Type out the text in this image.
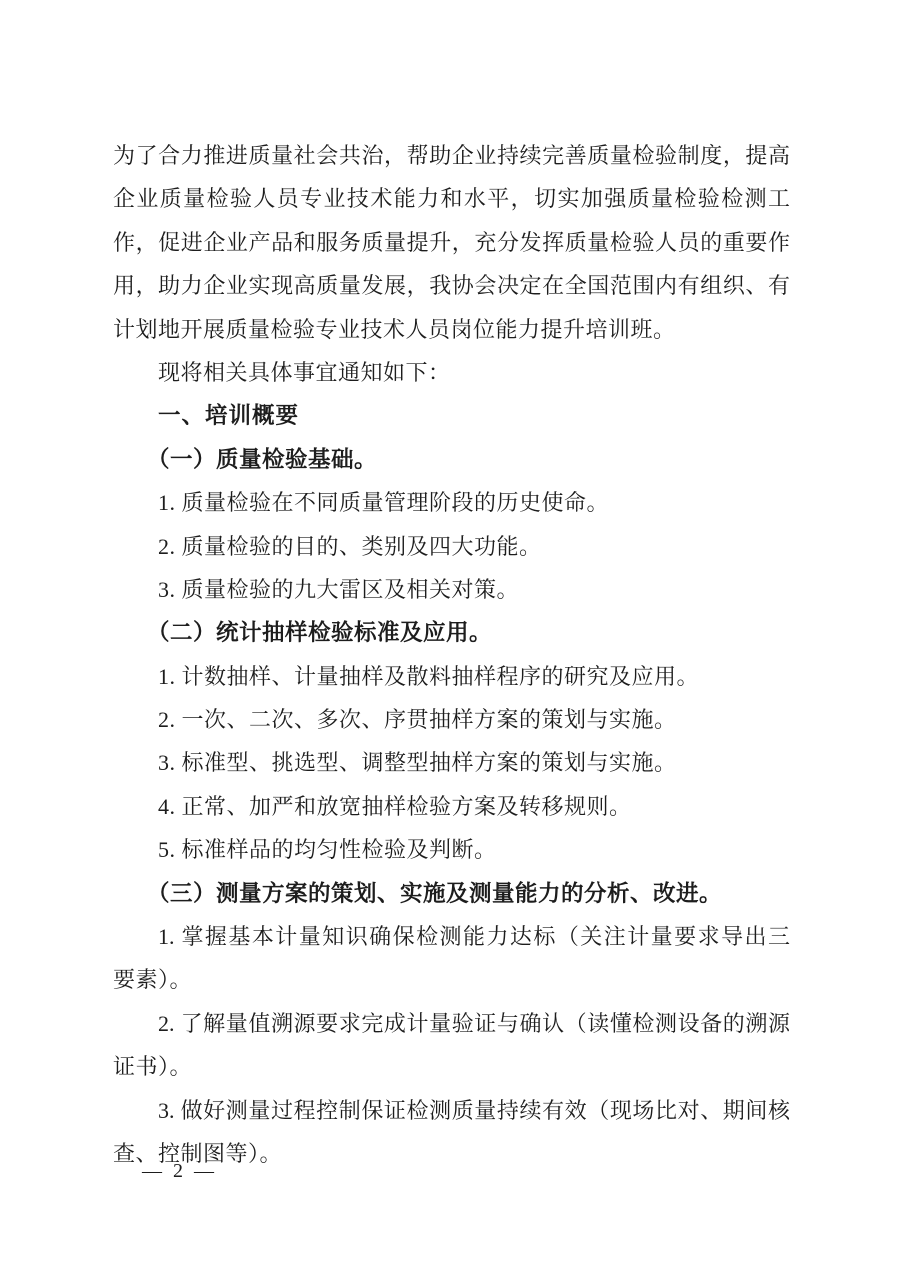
为了合力推进质量社会共治，帮助企业持续完善质量检验制度，提高
企业质量检验人员专业技术能力和水平，切实加强质量检验检测工
作，促进企业产品和服务质量提升，充分发挥质量检验人员的重要作
用，助力企业实现高质量发展，我协会决定在全国范围内有组织、有
计划地开展质量检验专业技术人员岗位能力提升培训班。
现将相关具体事宜通知如下：
一、培训概要
（一）质量检验基础。
1. 质量检验在不同质量管理阶段的历史使命。
2. 质量检验的目的、类别及四大功能。
3. 质量检验的九大雷区及相关对策。
（二）统计抽样检验标准及应用。
1. 计数抽样、计量抽样及散料抽样程序的研究及应用。
2. 一次、二次、多次、序贯抽样方案的策划与实施。
3. 标准型、挑选型、调整型抽样方案的策划与实施。
4. 正常、加严和放宽抽样检验方案及转移规则。
5. 标准样品的均匀性检验及判断。
（三）测量方案的策划、实施及测量能力的分析、改进。
1. 掌握基本计量知识确保检测能力达标（关注计量要求导出三
要素）。
2. 了解量值溯源要求完成计量验证与确认（读懂检测设备的溯源
证书）。
3. 做好测量过程控制保证检测质量持续有效（现场比对、期间核
查、控制图等）。
— 2 —
